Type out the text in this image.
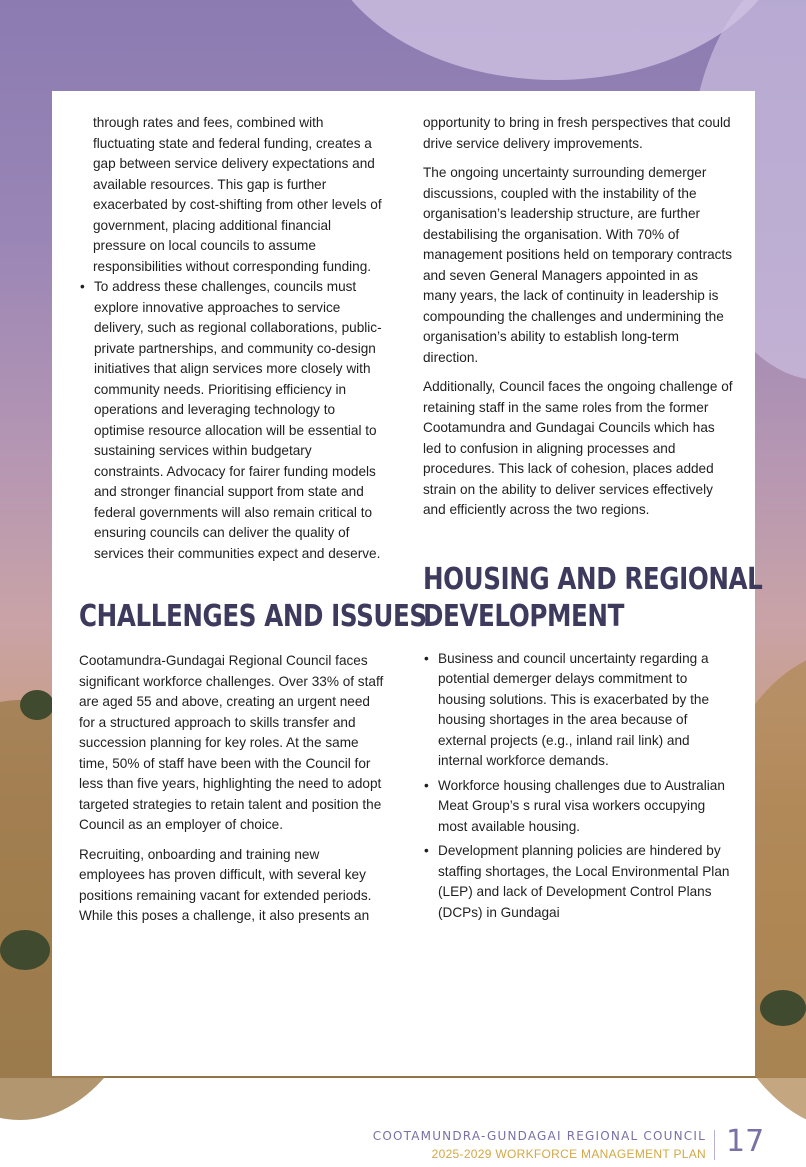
through rates and fees, combined with fluctuating state and federal funding, creates a gap between service delivery expectations and available resources. This gap is further exacerbated by cost-shifting from other levels of government, placing additional financial pressure on local councils to assume responsibilities without corresponding funding.

• To address these challenges, councils must explore innovative approaches to service delivery, such as regional collaborations, public-private partnerships, and community co-design initiatives that align services more closely with community needs. Prioritising efficiency in operations and leveraging technology to optimise resource allocation will be essential to sustaining services within budgetary constraints. Advocacy for fairer funding models and stronger financial support from state and federal governments will also remain critical to ensuring councils can deliver the quality of services their communities expect and deserve.
CHALLENGES AND ISSUES

Cootamundra-Gundagai Regional Council faces significant workforce challenges. Over 33% of staff are aged 55 and above, creating an urgent need for a structured approach to skills transfer and succession planning for key roles. At the same time, 50% of staff have been with the Council for less than five years, highlighting the need to adopt targeted strategies to retain talent and position the Council as an employer of choice.

Recruiting, onboarding and training new employees has proven difficult, with several key positions remaining vacant for extended periods. While this poses a challenge, it also presents an

opportunity to bring in fresh perspectives that could drive service delivery improvements.

The ongoing uncertainty surrounding demerger discussions, coupled with the instability of the organisation’s leadership structure, are further destabilising the organisation. With 70% of management positions held on temporary contracts and seven General Managers appointed in as many years, the lack of continuity in leadership is compounding the challenges and undermining the organisation’s ability to establish long-term direction.

Additionally, Council faces the ongoing challenge of retaining staff in the same roles from the former Cootamundra and Gundagai Councils which has led to confusion in aligning processes and procedures. This lack of cohesion, places added strain on the ability to deliver services effectively and efficiently across the two regions.

HOUSING AND REGIONAL
DEVELOPMENT
• Business and council uncertainty regarding a potential demerger delays commitment to housing solutions. This is exacerbated by the housing shortages in the area because of external projects (e.g., inland rail link) and internal workforce demands.
• Workforce housing challenges due to Australian Meat Group’s s rural visa workers occupying most available housing.
• Development planning policies are hindered by staffing shortages, the Local Environmental Plan (LEP) and lack of Development Control Plans (DCPs) in Gundagai
COOTAMUNDRA-GUNDAGAI REGIONAL COUNCIL
2025-2029 WORKFORCE MANAGEMENT PLAN 17
